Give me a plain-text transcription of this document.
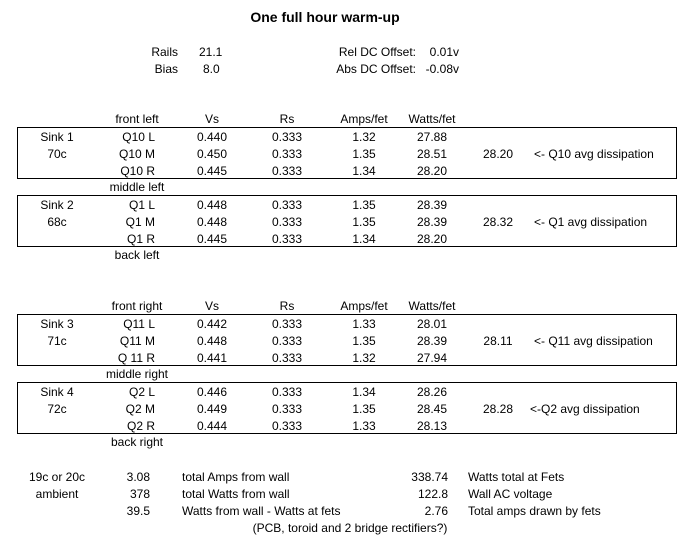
One full hour warm-up
Rails 21.1
Bias 8.0
Rel DC Offset: 0.01v
Abs DC Offset: -0.08v
front left	Vs	Rs	Amps/fet Watts/fet
Sink 1
70c
Q10 L	0.440	0.333	1.32	27.88
Q10 M	0.450	0.333	1.35	28.51
Q10 R	0.445	0.333	1.34	28.20
28.20 <- Q10 avg dissipation
middle left
Sink 2
68c
Q1 L	0.448	0.333	1.35	28.39
Q1 M	0.448	0.333	1.35	28.39
Q1 R	0.445	0.333	1.34	28.20
28.32 <- Q1 avg dissipation
back left
front right	Vs	Rs	Amps/fet Watts/fet
Sink 3
71c
Q11 L	0.442	0.333	1.33	28.01
Q11 M	0.448	0.333	1.35	28.39
Q 11 R	0.441	0.333	1.32	27.94
28.11 <- Q11 avg dissipation
middle right
Sink 4
72c
Q2 L	0.446	0.333	1.34	28.26
Q2 M	0.449	0.333	1.35	28.45
Q2 R	0.444	0.333	1.33	28.13
28.28 <-Q2 avg dissipation
back right
19c or 20c
ambient
3.08	total Amps from wall	338.74 Watts total at Fets
378	total Watts from wall	122.8 Wall AC voltage
39.5	Watts from wall - Watts at fets	2.76 Total amps drawn by fets
(PCB, toroid and 2 bridge rectifiers?)
